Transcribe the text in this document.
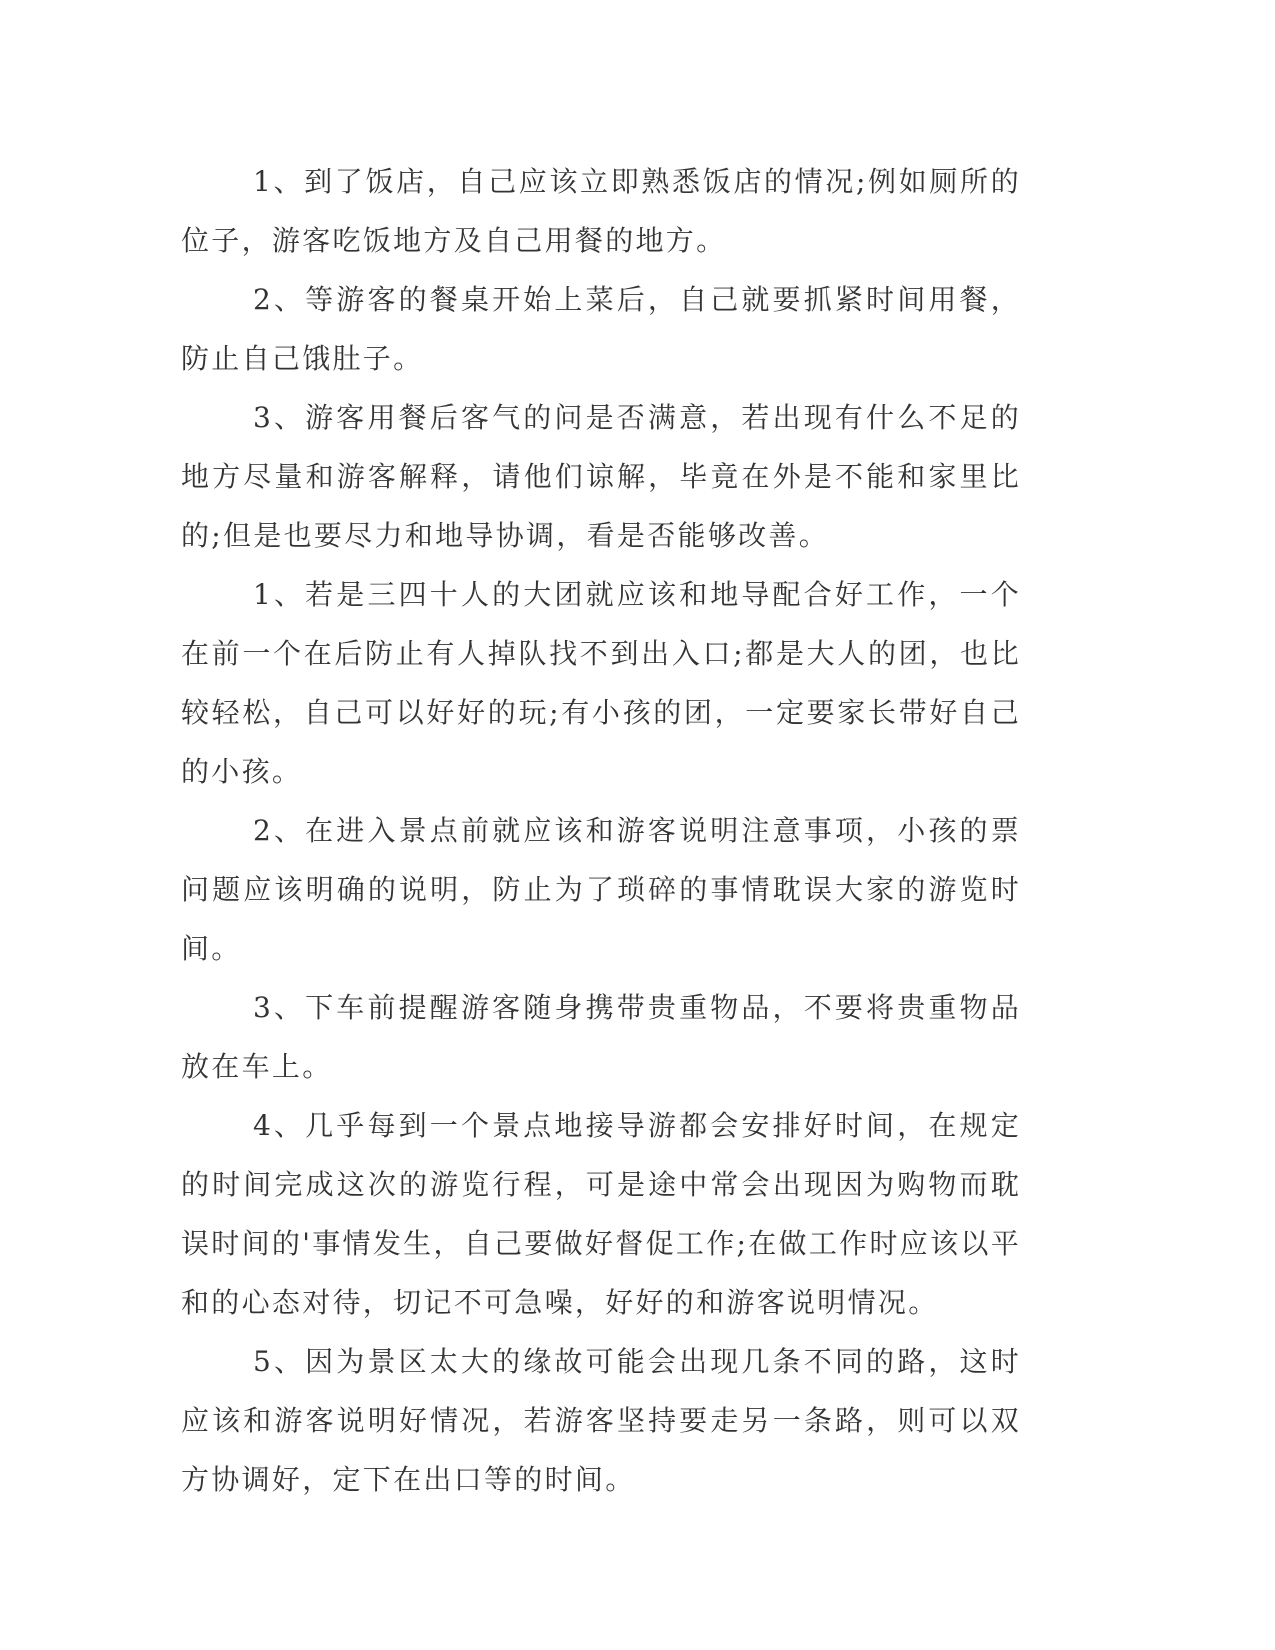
1、到了饭店，自己应该立即熟悉饭店的情况;例如厕所的位子，游客吃饭地方及自己用餐的地方。

2、等游客的餐桌开始上菜后，自己就要抓紧时间用餐，防止自己饿肚子。

3、游客用餐后客气的问是否满意，若出现有什么不足的地方尽量和游客解释，请他们谅解，毕竟在外是不能和家里比的;但是也要尽力和地导协调，看是否能够改善。

1、若是三四十人的大团就应该和地导配合好工作，一个在前一个在后防止有人掉队找不到出入口;都是大人的团，也比较轻松，自己可以好好的玩;有小孩的团，一定要家长带好自己的小孩。

2、在进入景点前就应该和游客说明注意事项，小孩的票问题应该明确的说明，防止为了琐碎的事情耽误大家的游览时间。

3、下车前提醒游客随身携带贵重物品，不要将贵重物品放在车上。

4、几乎每到一个景点地接导游都会安排好时间，在规定的时间完成这次的游览行程，可是途中常会出现因为购物而耽误时间的'事情发生，自己要做好督促工作;在做工作时应该以平和的心态对待，切记不可急噪，好好的和游客说明情况。

5、因为景区太大的缘故可能会出现几条不同的路，这时应该和游客说明好情况，若游客坚持要走另一条路，则可以双方协调好，定下在出口等的时间。
